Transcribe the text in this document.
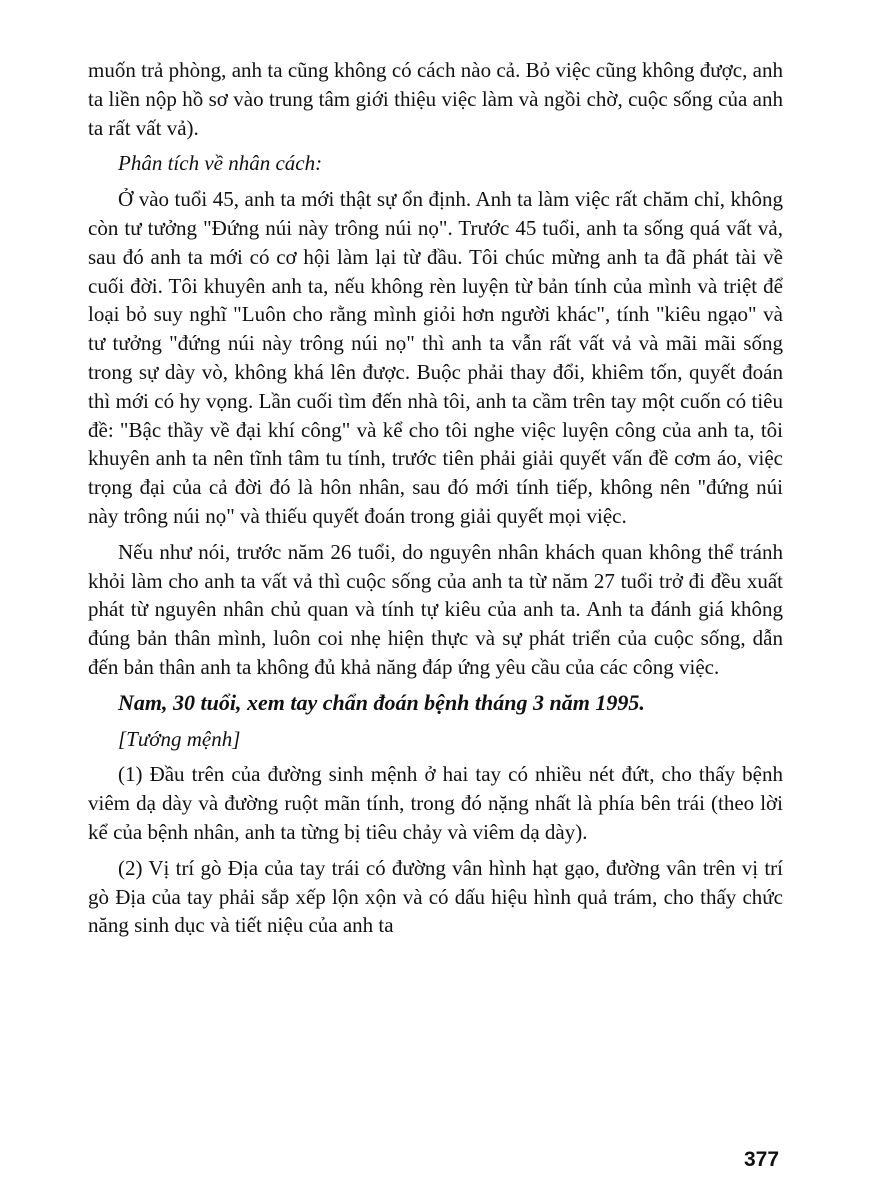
muốn trả phòng, anh ta cũng không có cách nào cả. Bỏ việc cũng không được, anh ta liền nộp hồ sơ vào trung tâm giới thiệu việc làm và ngồi chờ, cuộc sống của anh ta rất vất vả).

Phân tích về nhân cách:

Ở vào tuổi 45, anh ta mới thật sự ổn định. Anh ta làm việc rất chăm chỉ, không còn tư tưởng "Đứng núi này trông núi nọ". Trước 45 tuổi, anh ta sống quá vất vả, sau đó anh ta mới có cơ hội làm lại từ đầu. Tôi chúc mừng anh ta đã phát tài về cuối đời. Tôi khuyên anh ta, nếu không rèn luyện từ bản tính của mình và triệt để loại bỏ suy nghĩ "Luôn cho rằng mình giỏi hơn người khác", tính "kiêu ngạo" và tư tưởng "đứng núi này trông núi nọ" thì anh ta vẫn rất vất vả và mãi mãi sống trong sự dày vò, không khá lên được. Buộc phải thay đổi, khiêm tốn, quyết đoán thì mới có hy vọng. Lần cuối tìm đến nhà tôi, anh ta cầm trên tay một cuốn có tiêu đề: "Bậc thầy về đại khí công" và kể cho tôi nghe việc luyện công của anh ta, tôi khuyên anh ta nên tĩnh tâm tu tính, trước tiên phải giải quyết vấn đề cơm áo, việc trọng đại của cả đời đó là hôn nhân, sau đó mới tính tiếp, không nên "đứng núi này trông núi nọ" và thiếu quyết đoán trong giải quyết mọi việc.

Nếu như nói, trước năm 26 tuổi, do nguyên nhân khách quan không thể tránh khỏi làm cho anh ta vất vả thì cuộc sống của anh ta từ năm 27 tuổi trở đi đều xuất phát từ nguyên nhân chủ quan và tính tự kiêu của anh ta. Anh ta đánh giá không đúng bản thân mình, luôn coi nhẹ hiện thực và sự phát triển của cuộc sống, dẫn đến bản thân anh ta không đủ khả năng đáp ứng yêu cầu của các công việc.

Nam, 30 tuổi, xem tay chẩn đoán bệnh tháng 3 năm 1995.

[Tướng mệnh]

(1) Đầu trên của đường sinh mệnh ở hai tay có nhiều nét đứt, cho thấy bệnh viêm dạ dày và đường ruột mãn tính, trong đó nặng nhất là phía bên trái (theo lời kể của bệnh nhân, anh ta từng bị tiêu chảy và viêm dạ dày).

(2) Vị trí gò Địa của tay trái có đường vân hình hạt gạo, đường vân trên vị trí gò Địa của tay phải sắp xếp lộn xộn và có dấu hiệu hình quả trám, cho thấy chức năng sinh dục và tiết niệu của anh ta

377
